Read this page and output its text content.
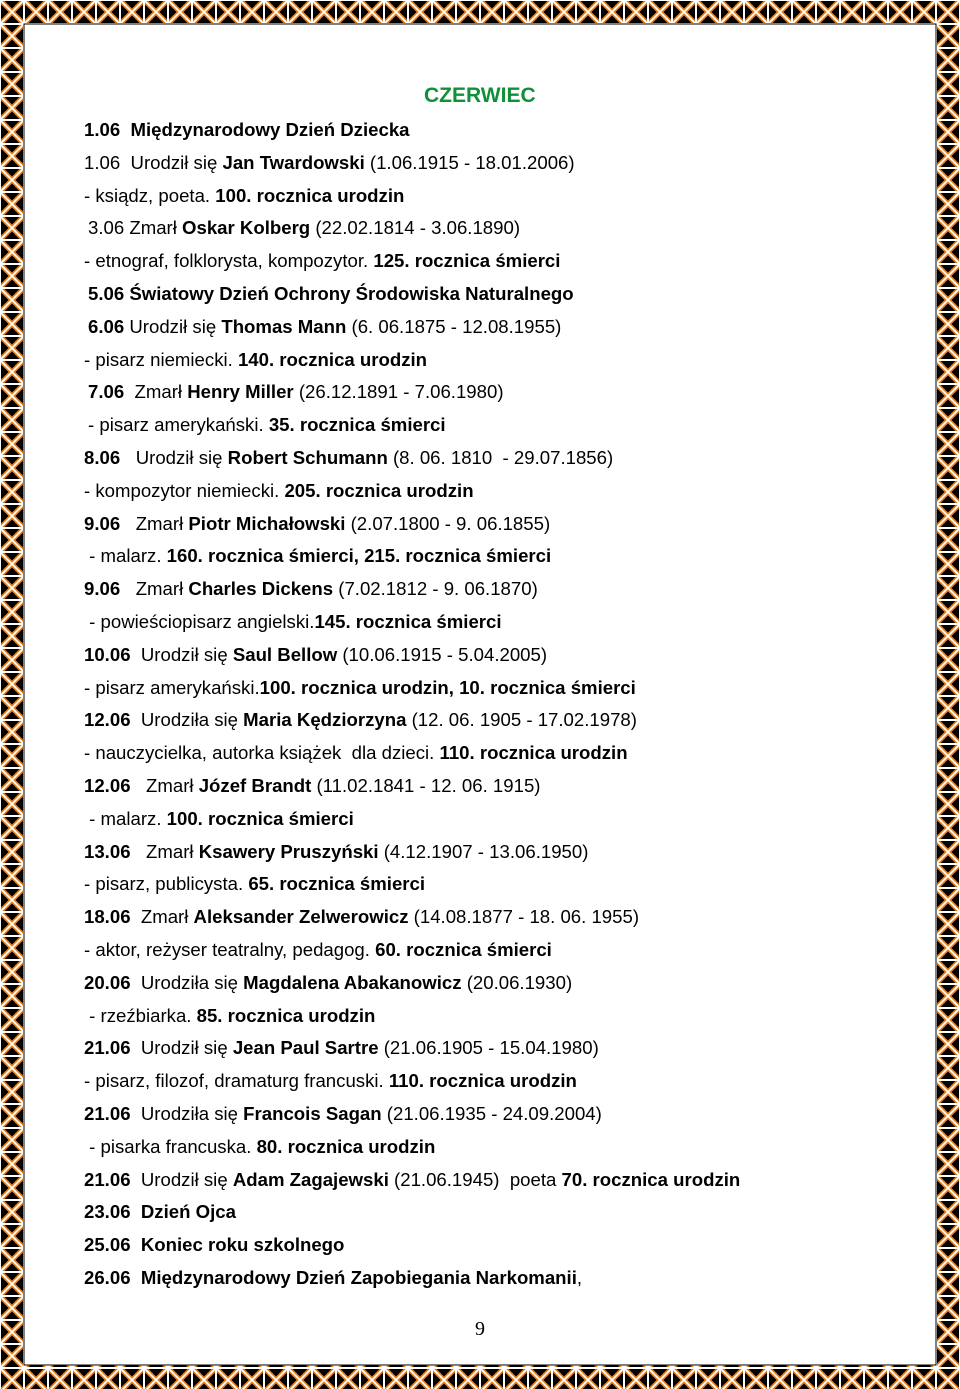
CZERWIEC
1.06  Międzynarodowy Dzień Dziecka
1.06  Urodził się Jan Twardowski (1.06.1915 - 18.01.2006)
- ksiądz, poeta. 100. rocznica urodzin
3.06 Zmarł Oskar Kolberg (22.02.1814 - 3.06.1890)
- etnograf, folklorysta, kompozytor. 125. rocznica śmierci
5.06 Światowy Dzień Ochrony Środowiska Naturalnego
6.06 Urodził się Thomas Mann (6. 06.1875 - 12.08.1955)
- pisarz niemiecki. 140. rocznica urodzin
7.06  Zmarł Henry Miller (26.12.1891 - 7.06.1980)
- pisarz amerykański. 35. rocznica śmierci
8.06   Urodził się Robert Schumann (8. 06. 1810  - 29.07.1856)
- kompozytor niemiecki. 205. rocznica urodzin
9.06   Zmarł Piotr Michałowski (2.07.1800 - 9. 06.1855)
- malarz. 160. rocznica śmierci, 215. rocznica śmierci
9.06   Zmarł Charles Dickens (7.02.1812 - 9. 06.1870)
- powieściopisarz angielski.145. rocznica śmierci
10.06  Urodził się Saul Bellow (10.06.1915 - 5.04.2005)
- pisarz amerykański.100. rocznica urodzin, 10. rocznica śmierci
12.06  Urodziła się Maria Kędziorzyna (12. 06. 1905 - 17.02.1978)
- nauczycielka, autorka książek  dla dzieci. 110. rocznica urodzin
12.06   Zmarł Józef Brandt (11.02.1841 - 12. 06. 1915)
- malarz. 100. rocznica śmierci
13.06   Zmarł Ksawery Pruszyński (4.12.1907 - 13.06.1950)
- pisarz, publicysta. 65. rocznica śmierci
18.06  Zmarł Aleksander Zelwerowicz (14.08.1877 - 18. 06. 1955)
- aktor, reżyser teatralny, pedagog. 60. rocznica śmierci
20.06  Urodziła się Magdalena Abakanowicz (20.06.1930)
- rzeźbiarka. 85. rocznica urodzin
21.06  Urodził się Jean Paul Sartre (21.06.1905 - 15.04.1980)
- pisarz, filozof, dramaturg francuski. 110. rocznica urodzin
21.06  Urodziła się Francois Sagan (21.06.1935 - 24.09.2004)
- pisarka francuska. 80. rocznica urodzin
21.06  Urodził się Adam Zagajewski (21.06.1945)  poeta 70. rocznica urodzin
23.06  Dzień Ojca
25.06  Koniec roku szkolnego
26.06  Międzynarodowy Dzień Zapobiegania Narkomanii,
9
